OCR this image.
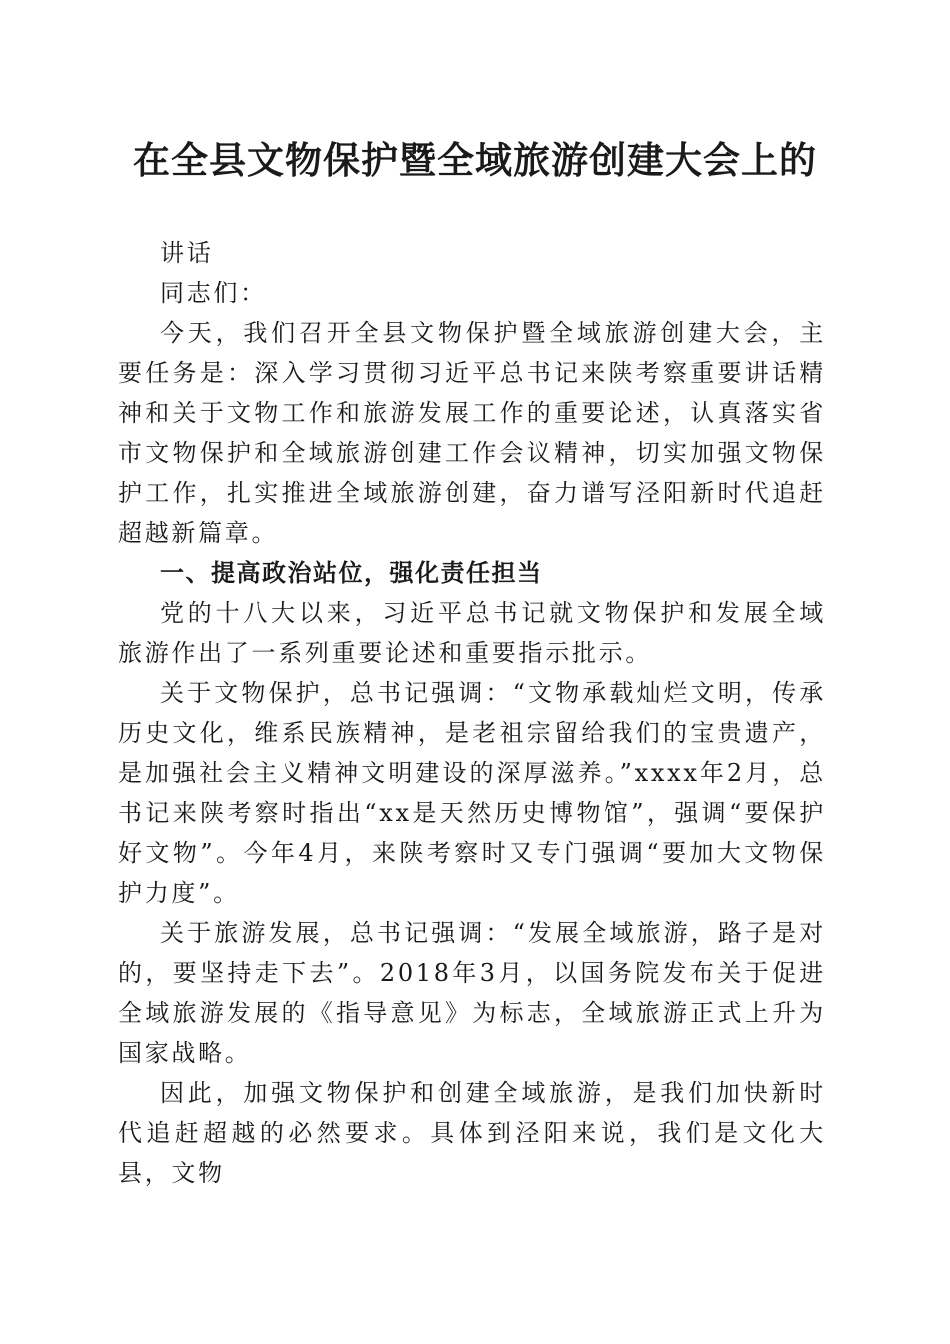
在全县文物保护暨全域旅游创建大会上的

讲话

同志们：

今天，我们召开全县文物保护暨全域旅游创建大会，主要任务是：深入学习贯彻习近平总书记来陕考察重要讲话精神和关于文物工作和旅游发展工作的重要论述，认真落实省市文物保护和全域旅游创建工作会议精神，切实加强文物保护工作，扎实推进全域旅游创建，奋力谱写泾阳新时代追赶超越新篇章。

一、提高政治站位，强化责任担当

党的十八大以来，习近平总书记就文物保护和发展全域旅游作出了一系列重要论述和重要指示批示。

关于文物保护，总书记强调：“文物承载灿烂文明，传承历史文化，维系民族精神，是老祖宗留给我们的宝贵遗产，是加强社会主义精神文明建设的深厚滋养。”xxxx年2月，总书记来陕考察时指出“xx是天然历史博物馆”，强调“要保护好文物”。今年4月，来陕考察时又专门强调“要加大文物保护力度”。

关于旅游发展，总书记强调：“发展全域旅游，路子是对的，要坚持走下去”。2018年3月，以国务院发布关于促进全域旅游发展的《指导意见》为标志，全域旅游正式上升为国家战略。

因此，加强文物保护和创建全域旅游，是我们加快新时代追赶超越的必然要求。具体到泾阳来说，我们是文化大县，文物
